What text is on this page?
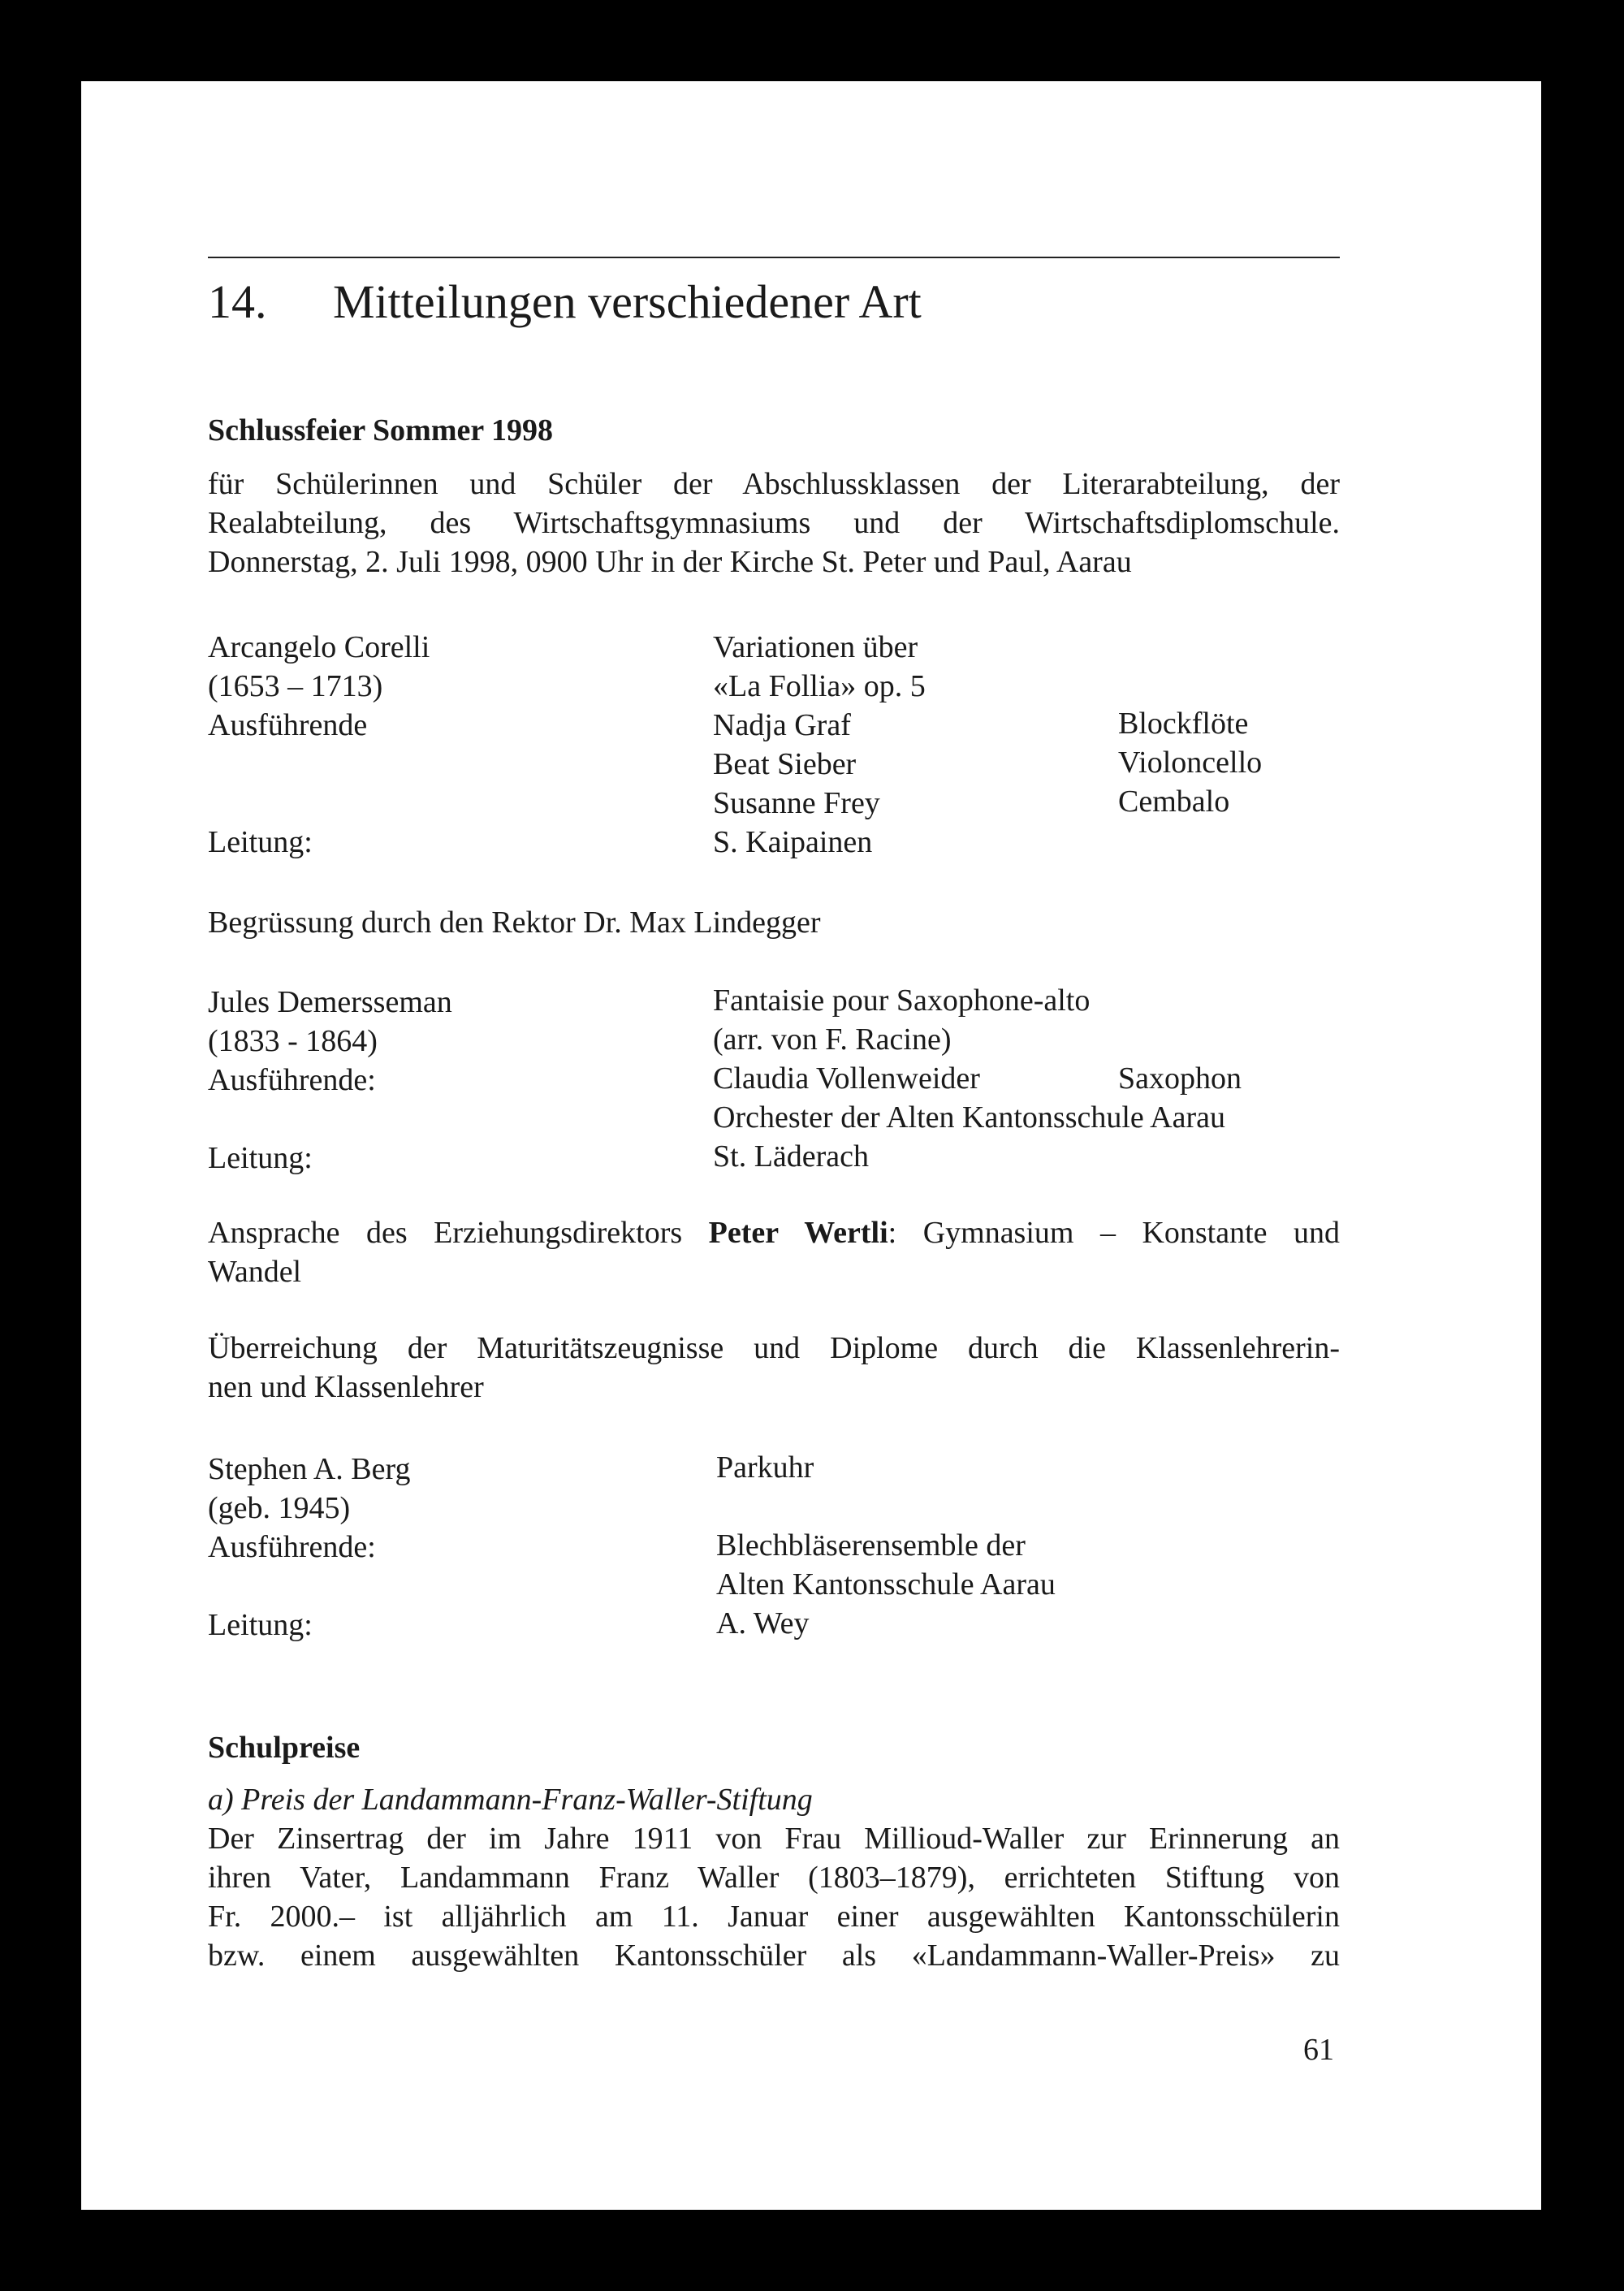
14. Mitteilungen verschiedener Art
Schlussfeier Sommer 1998
für Schülerinnen und Schüler der Abschlussklassen der Literarabteilung, der
Realabteilung, des Wirtschaftsgymnasiums und der Wirtschaftsdiplomschule.
Donnerstag, 2. Juli 1998, 0900 Uhr in der Kirche St. Peter und Paul, Aarau
Arcangelo Corelli
(1653 – 1713)
Ausführende
Leitung:
Variationen über
«La Follia» op. 5
Nadja Graf
Beat Sieber
Susanne Frey
S. Kaipainen
Blockflöte
Violoncello
Cembalo
Begrüssung durch den Rektor Dr. Max Lindegger
Jules Demersseman
(1833 - 1864)
Ausführende:
Leitung:
Fantaisie pour Saxophone-alto
(arr. von F. Racine)
Claudia Vollenweider	Saxophon
Orchester der Alten Kantonsschule Aarau
St. Läderach
Ansprache des Erziehungsdirektors Peter Wertli: Gymnasium – Konstante und
Wandel
Überreichung der Maturitätszeugnisse und Diplome durch die Klassenlehrerin-
nen und Klassenlehrer
Stephen A. Berg
(geb. 1945)
Ausführende:
Leitung:
Parkuhr
Blechbläserensemble der
Alten Kantonsschule Aarau
A. Wey
Schulpreise
a) Preis der Landammann-Franz-Waller-Stiftung
Der Zinsertrag der im Jahre 1911 von Frau Millioud-Waller zur Erinnerung an
ihren Vater, Landammann Franz Waller (1803–1879), errichteten Stiftung von
Fr. 2000.– ist alljährlich am 11. Januar einer ausgewählten Kantonsschülerin
bzw. einem ausgewählten Kantonsschüler als «Landammann-Waller-Preis» zu
61
